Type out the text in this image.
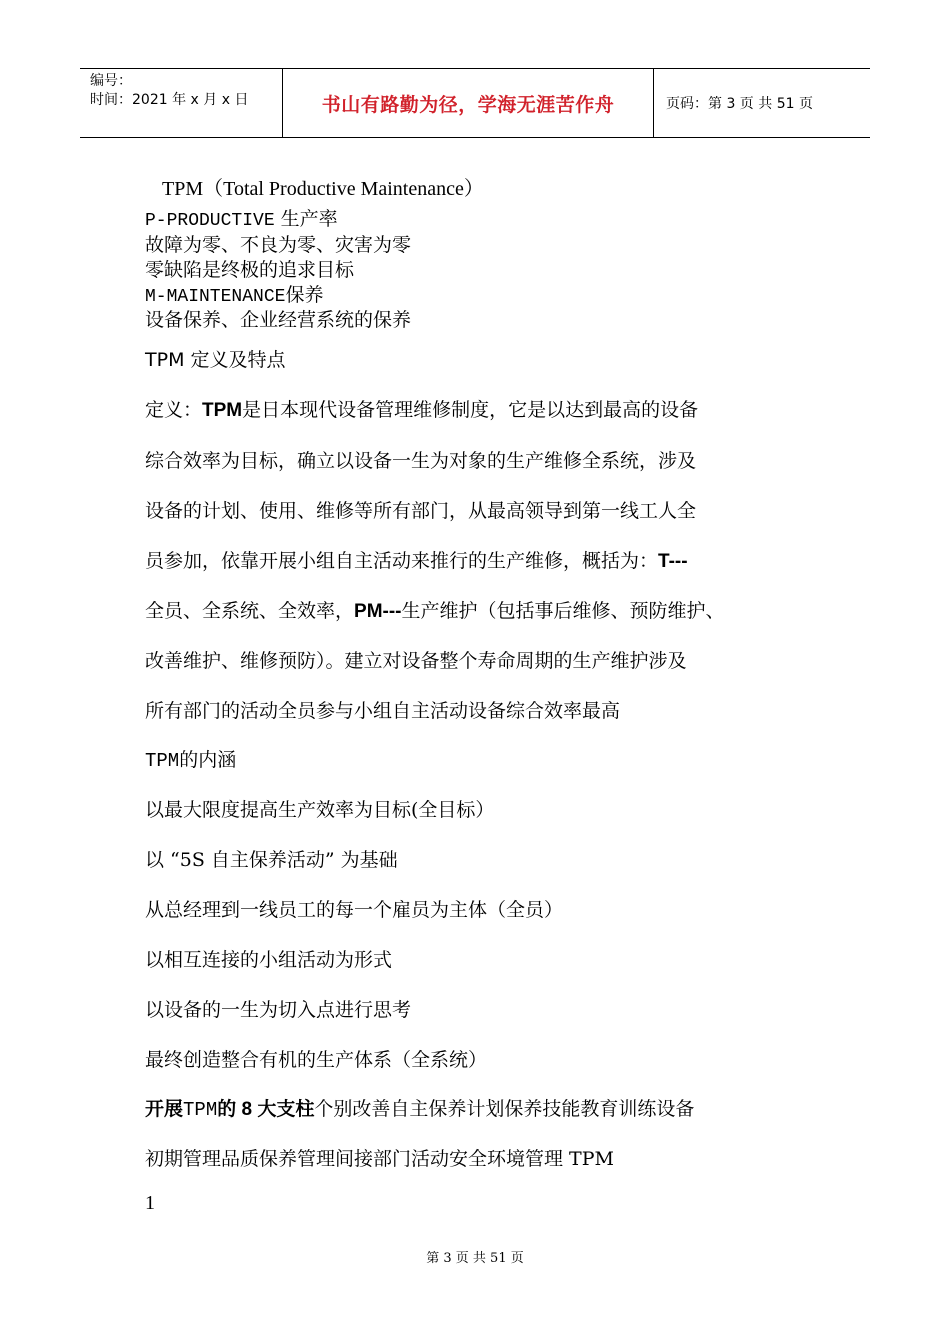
编号：
时间：2021 年 x 月 x 日	书山有路勤为径，学海无涯苦作舟	页码：第 3 页 共 51 页
TPM（Total Productive Maintenance）
P-PRODUCTIVE 生产率
故障为零、不良为零、灾害为零
零缺陷是终极的追求目标
M-MAINTENANCE保养
设备保养、企业经营系统的保养
TPM 定义及特点
定义：TPM是日本现代设备管理维修制度，它是以达到最高的设备
综合效率为目标，确立以设备一生为对象的生产维修全系统，涉及
设备的计划、使用、维修等所有部门，从最高领导到第一线工人全
员参加，依靠开展小组自主活动来推行的生产维修，概括为：T---
全员、全系统、全效率，PM---生产维护（包括事后维修、预防维护、
改善维护、维修预防）。建立对设备整个寿命周期的生产维护涉及
所有部门的活动全员参与小组自主活动设备综合效率最高
TPM的内涵
以最大限度提高生产效率为目标(全目标）
以 “5S 自主保养活动” 为基础
从总经理到一线员工的每一个雇员为主体（全员）
以相互连接的小组活动为形式
以设备的一生为切入点进行思考
最终创造整合有机的生产体系（全系统）
开展TPM的 8 大支柱个别改善自主保养计划保养技能教育训练设备
初期管理品质保养管理间接部门活动安全环境管理 TPM
1
第 3 页 共 51 页
